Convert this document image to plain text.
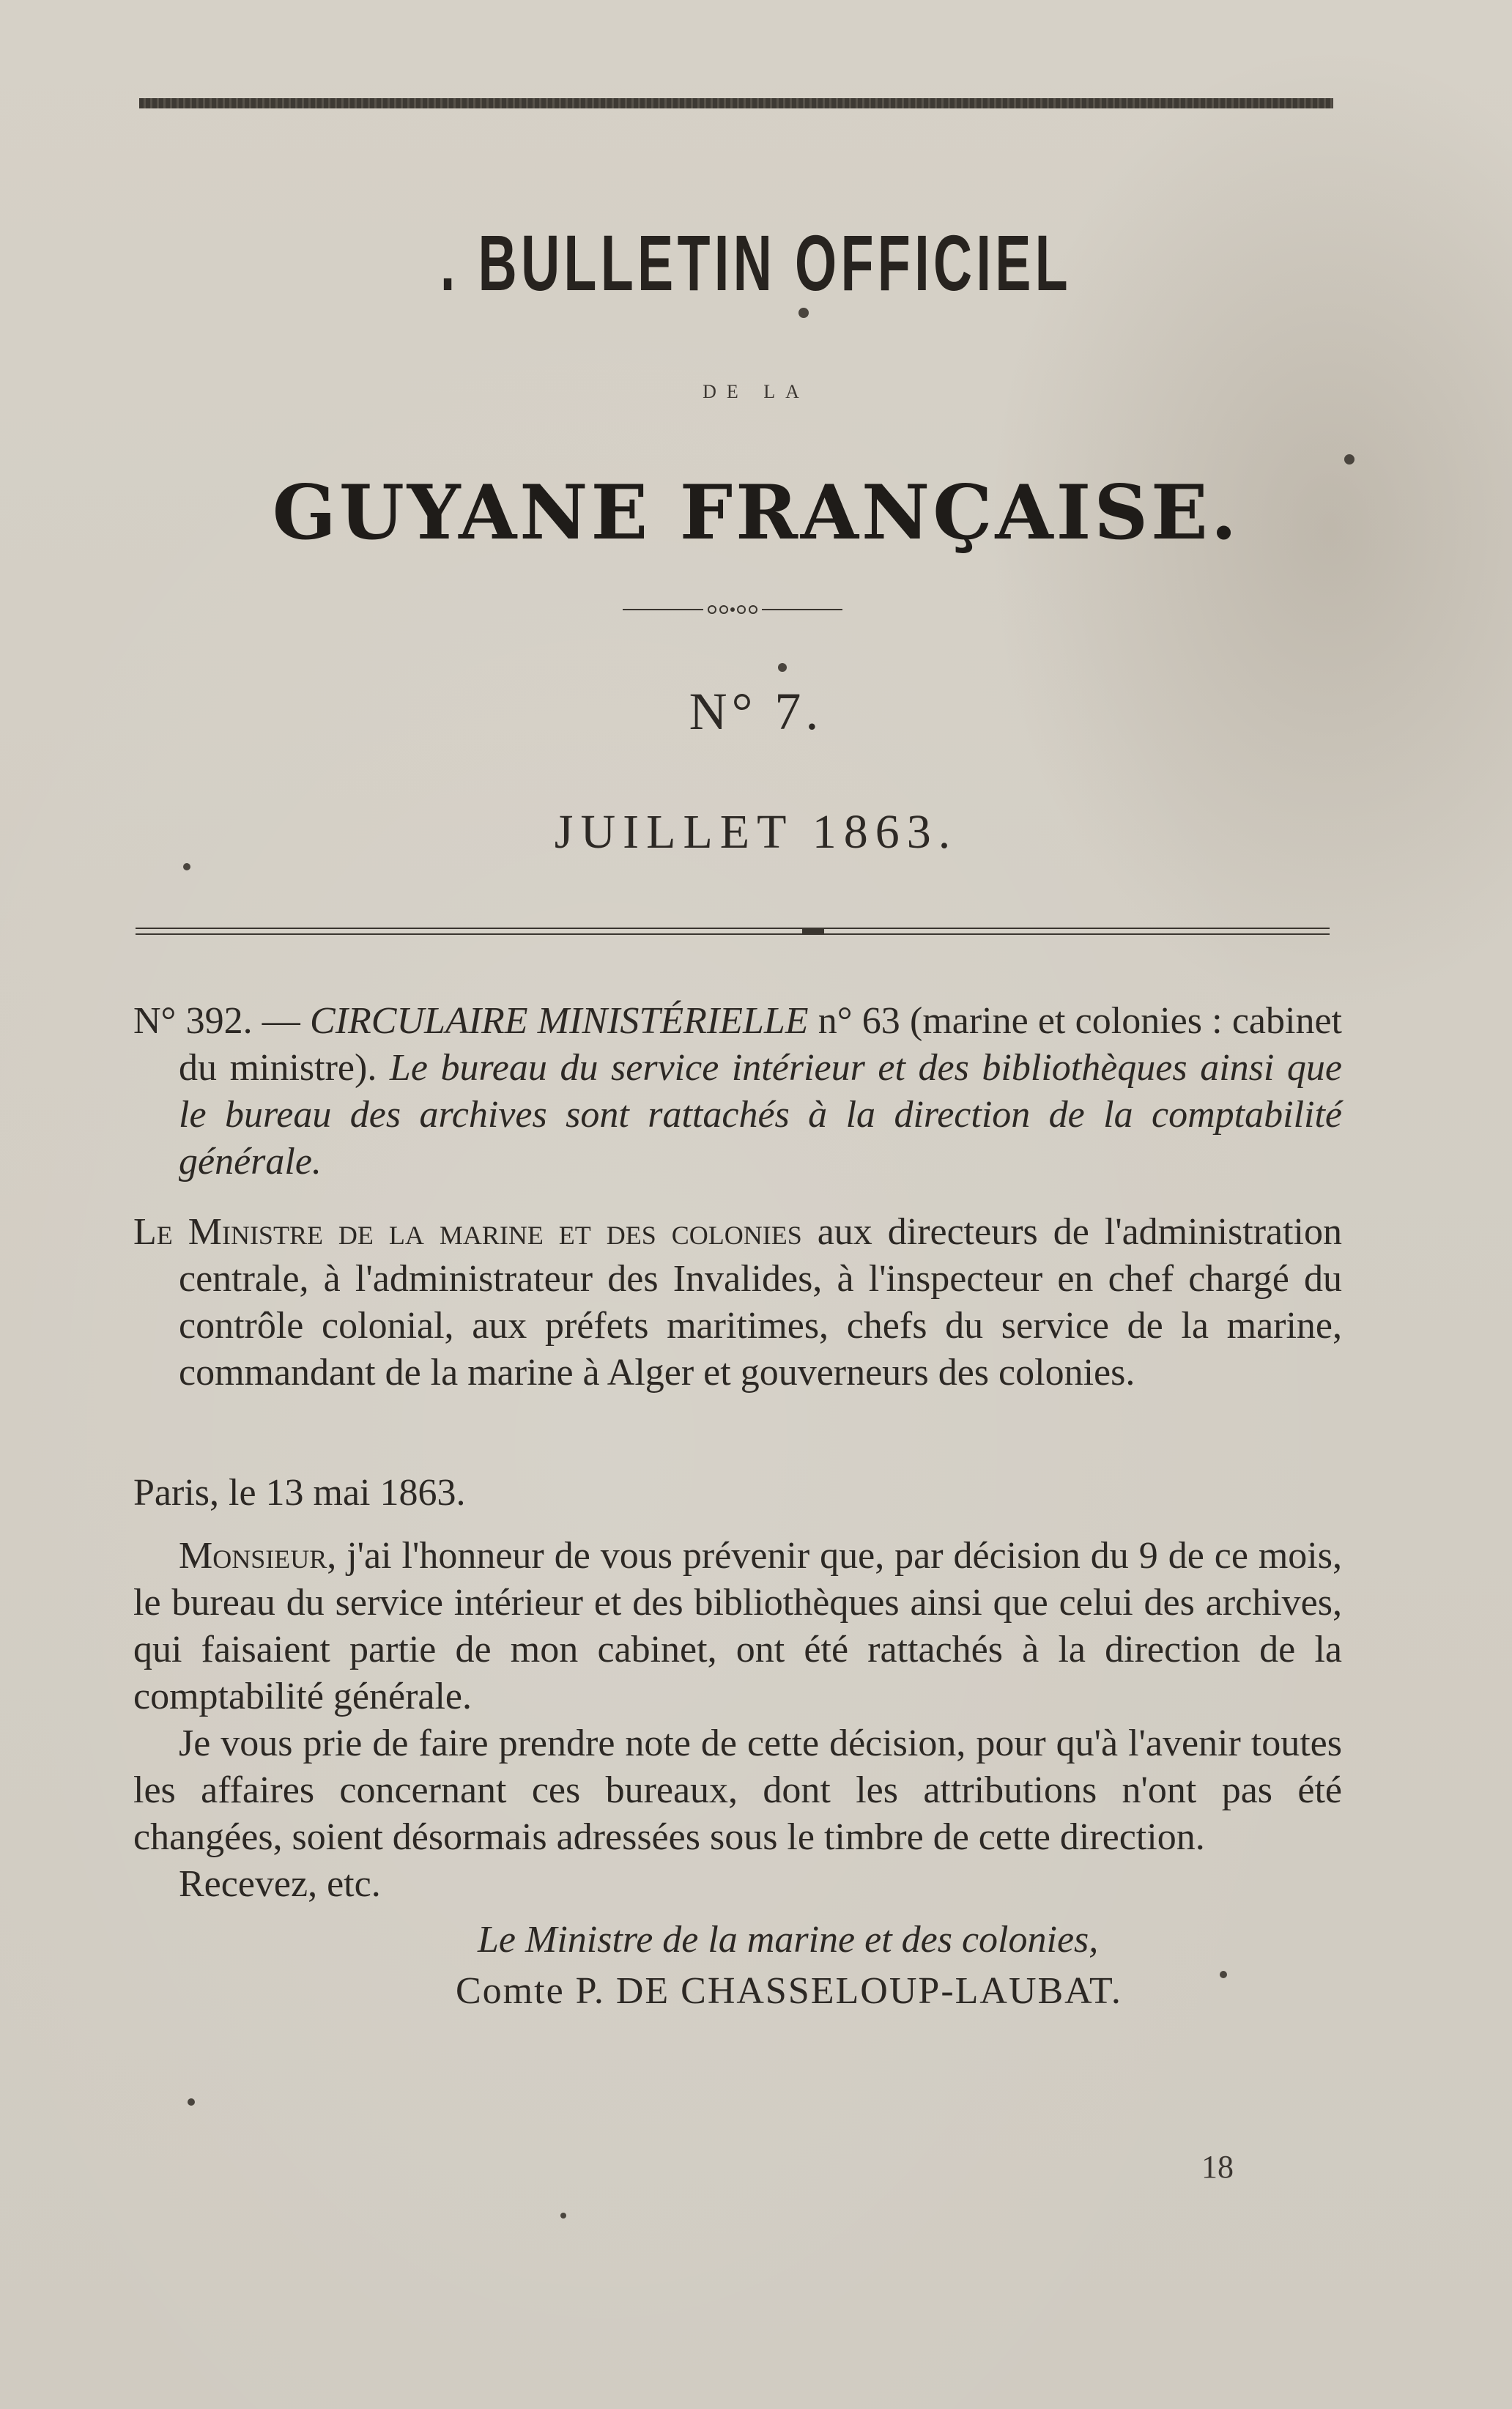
. BULLETIN OFFICIEL
DE LA
GUYANE FRANÇAISE.
N° 7.
JUILLET 1863.

N° 392. — CIRCULAIRE MINISTÉRIELLE n° 63 (marine et colonies : cabinet du ministre). Le bureau du service intérieur et des bibliothèques ainsi que le bureau des archives sont rattachés à la direction de la comptabilité générale.

Le Ministre de la marine et des colonies aux directeurs de l'administration centrale, à l'administrateur des Invalides, à l'inspecteur en chef chargé du contrôle colonial, aux préfets maritimes, chefs du service de la marine, commandant de la marine à Alger et gouverneurs des colonies.

Paris, le 13 mai 1863.

Monsieur, j'ai l'honneur de vous prévenir que, par décision du 9 de ce mois, le bureau du service intérieur et des bibliothèques ainsi que celui des archives, qui faisaient partie de mon cabinet, ont été rattachés à la direction de la comptabilité générale.

Je vous prie de faire prendre note de cette décision, pour qu'à l'avenir toutes les affaires concernant ces bureaux, dont les attributions n'ont pas été changées, soient désormais adressées sous le timbre de cette direction.

Recevez, etc.

Le Ministre de la marine et des colonies,

Comte P. DE CHASSELOUP-LAUBAT.

18
